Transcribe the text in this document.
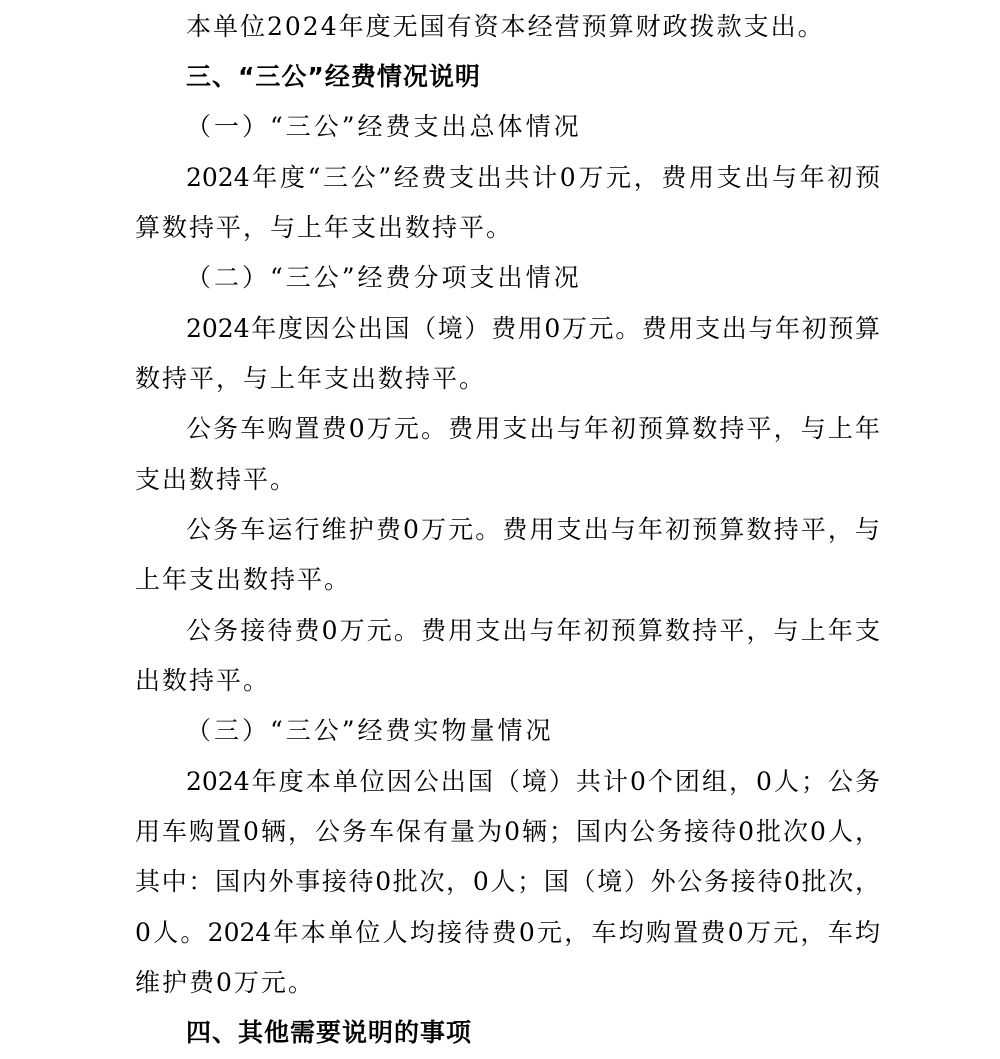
本单位2024年度无国有资本经营预算财政拨款支出。
三、“三公”经费情况说明
（一）“三公”经费支出总体情况
2024年度“三公”经费支出共计0万元，费用支出与年初预
算数持平，与上年支出数持平。
（二）“三公”经费分项支出情况
2024年度因公出国（境）费用0万元。费用支出与年初预算
数持平，与上年支出数持平。
公务车购置费0万元。费用支出与年初预算数持平，与上年
支出数持平。
公务车运行维护费0万元。费用支出与年初预算数持平，与
上年支出数持平。
公务接待费0万元。费用支出与年初预算数持平，与上年支
出数持平。
（三）“三公”经费实物量情况
2024年度本单位因公出国（境）共计0个团组，0人；公务
用车购置0辆，公务车保有量为0辆；国内公务接待0批次0人，
其中：国内外事接待0批次，0人；国（境）外公务接待0批次，
0人。2024年本单位人均接待费0元，车均购置费0万元，车均
维护费0万元。
四、其他需要说明的事项
